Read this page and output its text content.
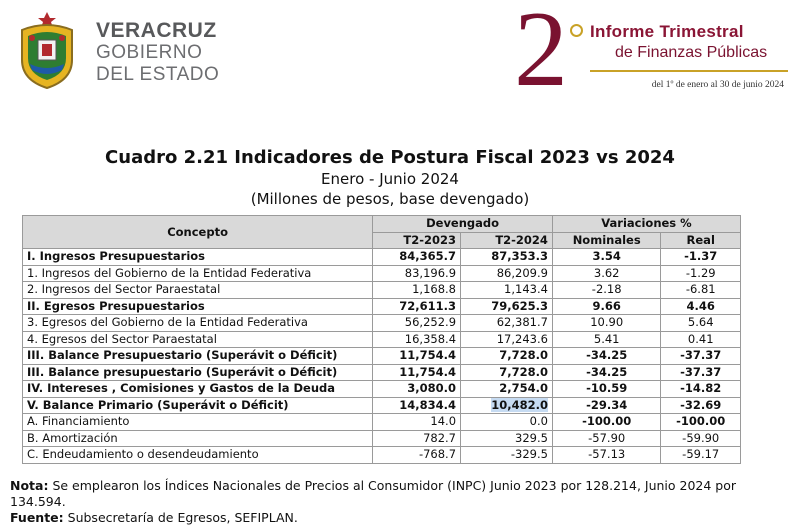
VERACRUZ
GOBIERNO
DEL ESTADO	2 Informe Trimestral
de Finanzas Públicas
del 1º de enero al 30 de junio 2024
Cuadro 2.21 Indicadores de Postura Fiscal 2023 vs 2024
Enero - Junio 2024
(Millones de pesos, base devengado)
Concepto	Devengado		Variaciones %	
	T2-2023	T2-2024	Nominales	Real
I. Ingresos Presupuestarios	84,365.7	87,353.3	3.54	-1.37
1. Ingresos del Gobierno de la Entidad Federativa	83,196.9	86,209.9	3.62	-1.29
2. Ingresos del Sector Paraestatal	1,168.8	1,143.4	-2.18	-6.81
II. Egresos Presupuestarios	72,611.3	79,625.3	9.66	4.46
3. Egresos del Gobierno de la Entidad Federativa	56,252.9	62,381.7	10.90	5.64
4. Egresos del Sector Paraestatal	16,358.4	17,243.6	5.41	0.41
III. Balance Presupuestario (Superávit o Déficit)	11,754.4	7,728.0	-34.25	-37.37
III. Balance presupuestario (Superávit o Déficit)	11,754.4	7,728.0	-34.25	-37.37
IV. Intereses , Comisiones y Gastos de la Deuda	3,080.0	2,754.0	-10.59	-14.82
V. Balance Primario (Superávit o Déficit)	14,834.4	10,482.0	-29.34	-32.69
A. Financiamiento	14.0	0.0	-100.00	-100.00
B. Amortización	782.7	329.5	-57.90	-59.90
C. Endeudamiento o desendeudamiento	-768.7	-329.5	-57.13	-59.17
Nota: Se emplearon los Índices Nacionales de Precios al Consumidor (INPC) Junio 2023 por 128.214, Junio 2024 por 134.594.
Fuente: Subsecretaría de Egresos, SEFIPLAN.
